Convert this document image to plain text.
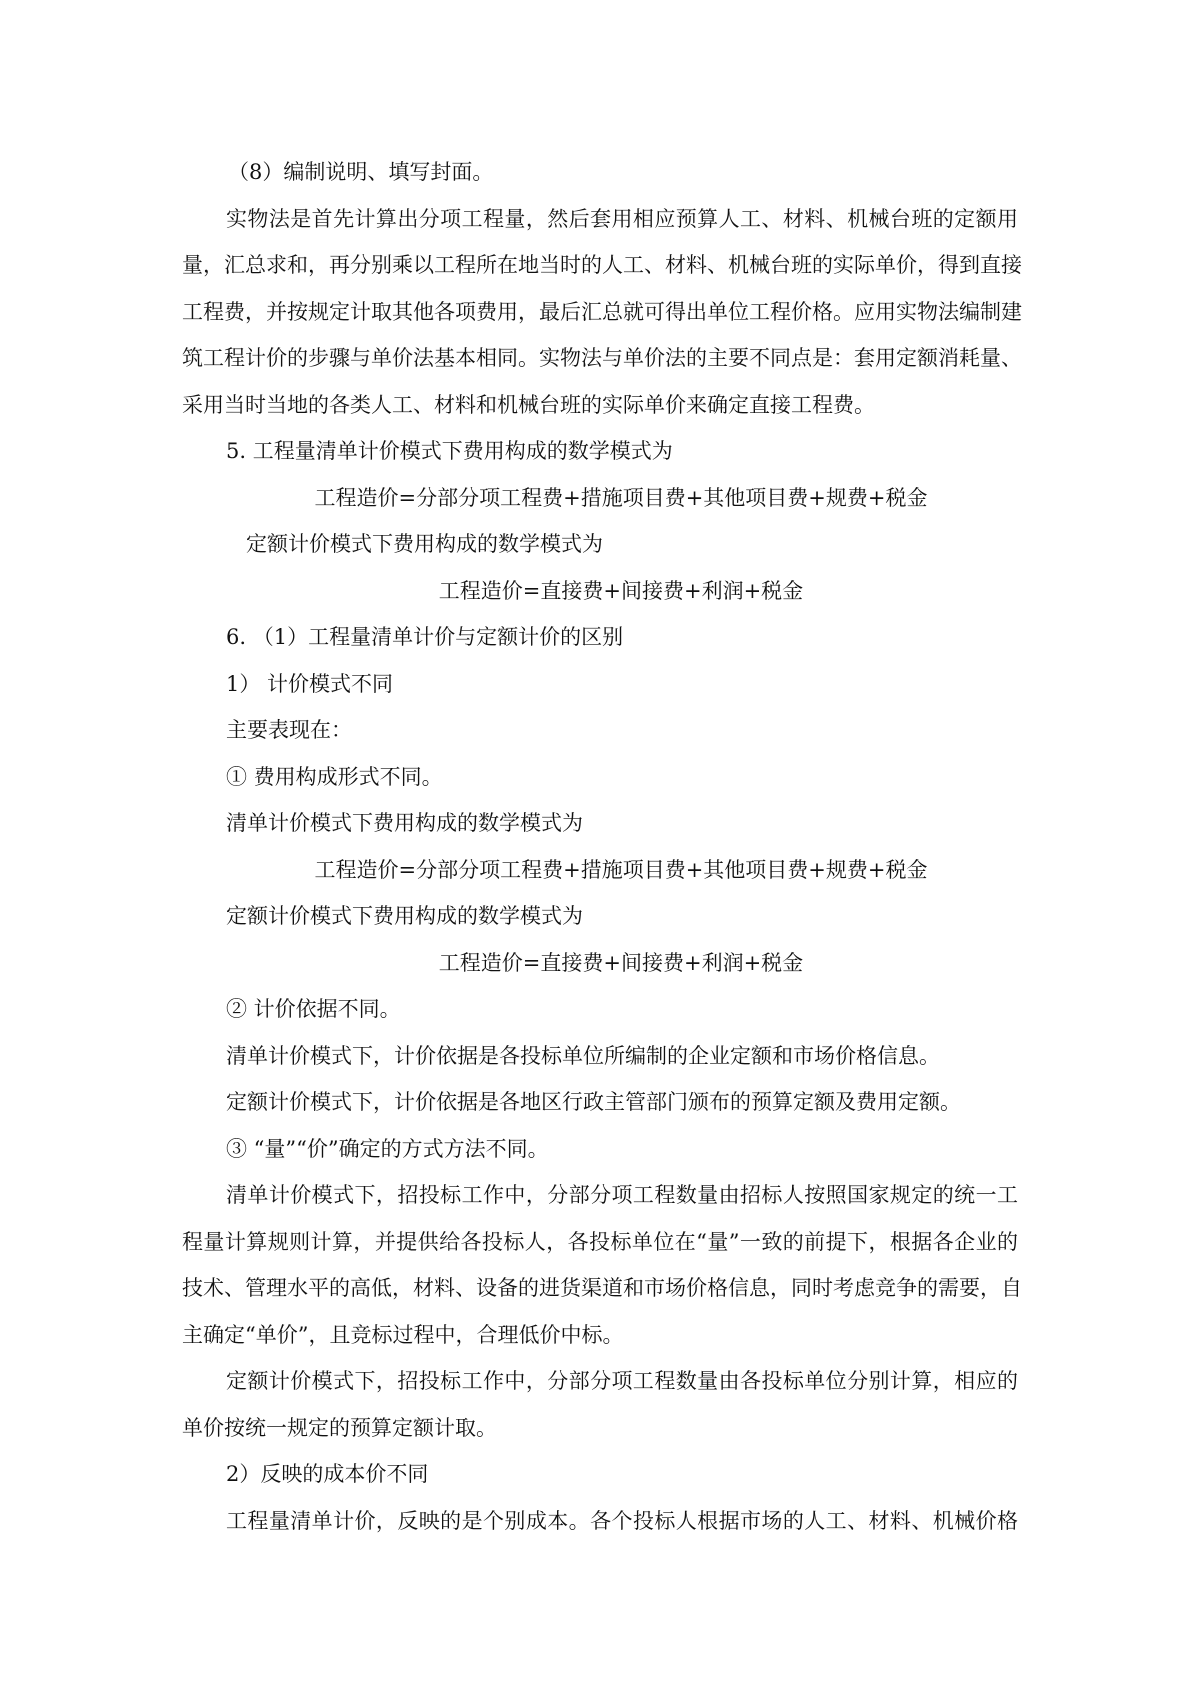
（8）编制说明、填写封面。
实物法是首先计算出分项工程量，然后套用相应预算人工、材料、机械台班的定额用
量，汇总求和，再分别乘以工程所在地当时的人工、材料、机械台班的实际单价，得到直接
工程费，并按规定计取其他各项费用，最后汇总就可得出单位工程价格。应用实物法编制建
筑工程计价的步骤与单价法基本相同。实物法与单价法的主要不同点是：套用定额消耗量、
采用当时当地的各类人工、材料和机械台班的实际单价来确定直接工程费。
5. 工程量清单计价模式下费用构成的数学模式为
工程造价=分部分项工程费+措施项目费+其他项目费+规费+税金
定额计价模式下费用构成的数学模式为
工程造价=直接费+间接费+利润+税金
6. （1）工程量清单计价与定额计价的区别
1） 计价模式不同
主要表现在：
① 费用构成形式不同。
清单计价模式下费用构成的数学模式为
工程造价=分部分项工程费+措施项目费+其他项目费+规费+税金
定额计价模式下费用构成的数学模式为
工程造价=直接费+间接费+利润+税金
② 计价依据不同。
清单计价模式下，计价依据是各投标单位所编制的企业定额和市场价格信息。
定额计价模式下，计价依据是各地区行政主管部门颁布的预算定额及费用定额。
③ “量”“价”确定的方式方法不同。
清单计价模式下，招投标工作中，分部分项工程数量由招标人按照国家规定的统一工
程量计算规则计算，并提供给各投标人，各投标单位在“量”一致的前提下，根据各企业的
技术、管理水平的高低，材料、设备的进货渠道和市场价格信息，同时考虑竞争的需要，自
主确定“单价”，且竞标过程中，合理低价中标。
定额计价模式下，招投标工作中，分部分项工程数量由各投标单位分别计算，相应的
单价按统一规定的预算定额计取。
2）反映的成本价不同
工程量清单计价，反映的是个别成本。各个投标人根据市场的人工、材料、机械价格
